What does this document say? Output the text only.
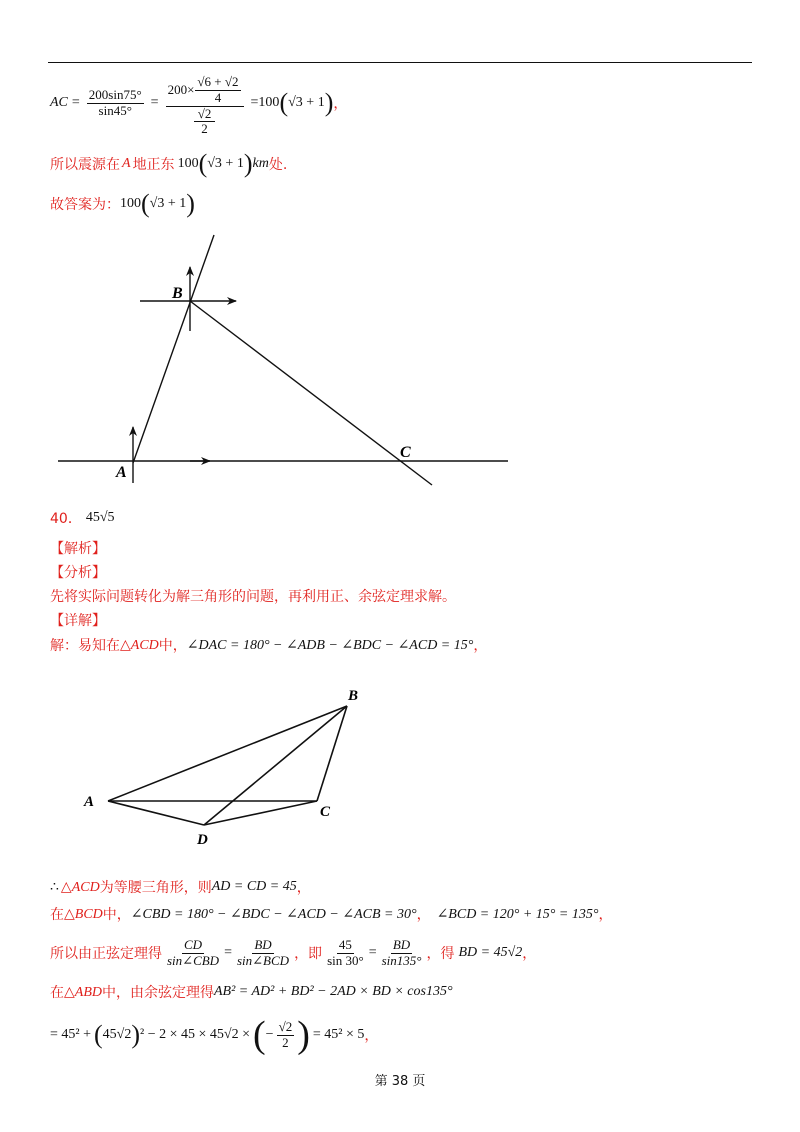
AC = $\frac{200\sin 75^\circ}{\sin 45^\circ} = 200\times \frac{√6 + √2}{4}$
√2
2 =100 ( √3 + 1 ) ，
所以震源在 A 地正东 100 ( √3 + 1 ) km 处.
故答案为： 100 ( √3 + 1 )
B
A
C
40． 45√5
【解析】
【分析】
先将实际问题转化为解三角形的问题，再利用正、余弦定理求解。
【详解】
解：易知在 △ACD 中， ∠DAC = 180° − ∠ADB − ∠BDC − ∠ACD = 15° ，
B
A
C
D
∴ △ACD 为等腰三角形，则 AD = CD = 45 ，
在 △BCD 中， ∠CBD = 180° − ∠BDC − ∠ACD − ∠ACB = 30° ， ∠BCD = 120° + 15° = 135° ，
所以由正弦定理得 $\frac{CD}{\text{sin∠CBD}} = \frac{BD}{\text{sin∠BCD}}$ ，即 $\frac{45}{\sin 30^\circ} = \frac{BD}{\sin 135^\circ}$ ，得 BD = 45√2 ，
在 △ABD 中，由余弦定理得 AB² = AD² + BD² − 2AD × BD × cos135°
= 45² + ( 45√2 ) ² − 2 × 45 × 45√2 × ( − $\frac{√2}{2}$ ) = 45² × 5 ，
第 38 页
